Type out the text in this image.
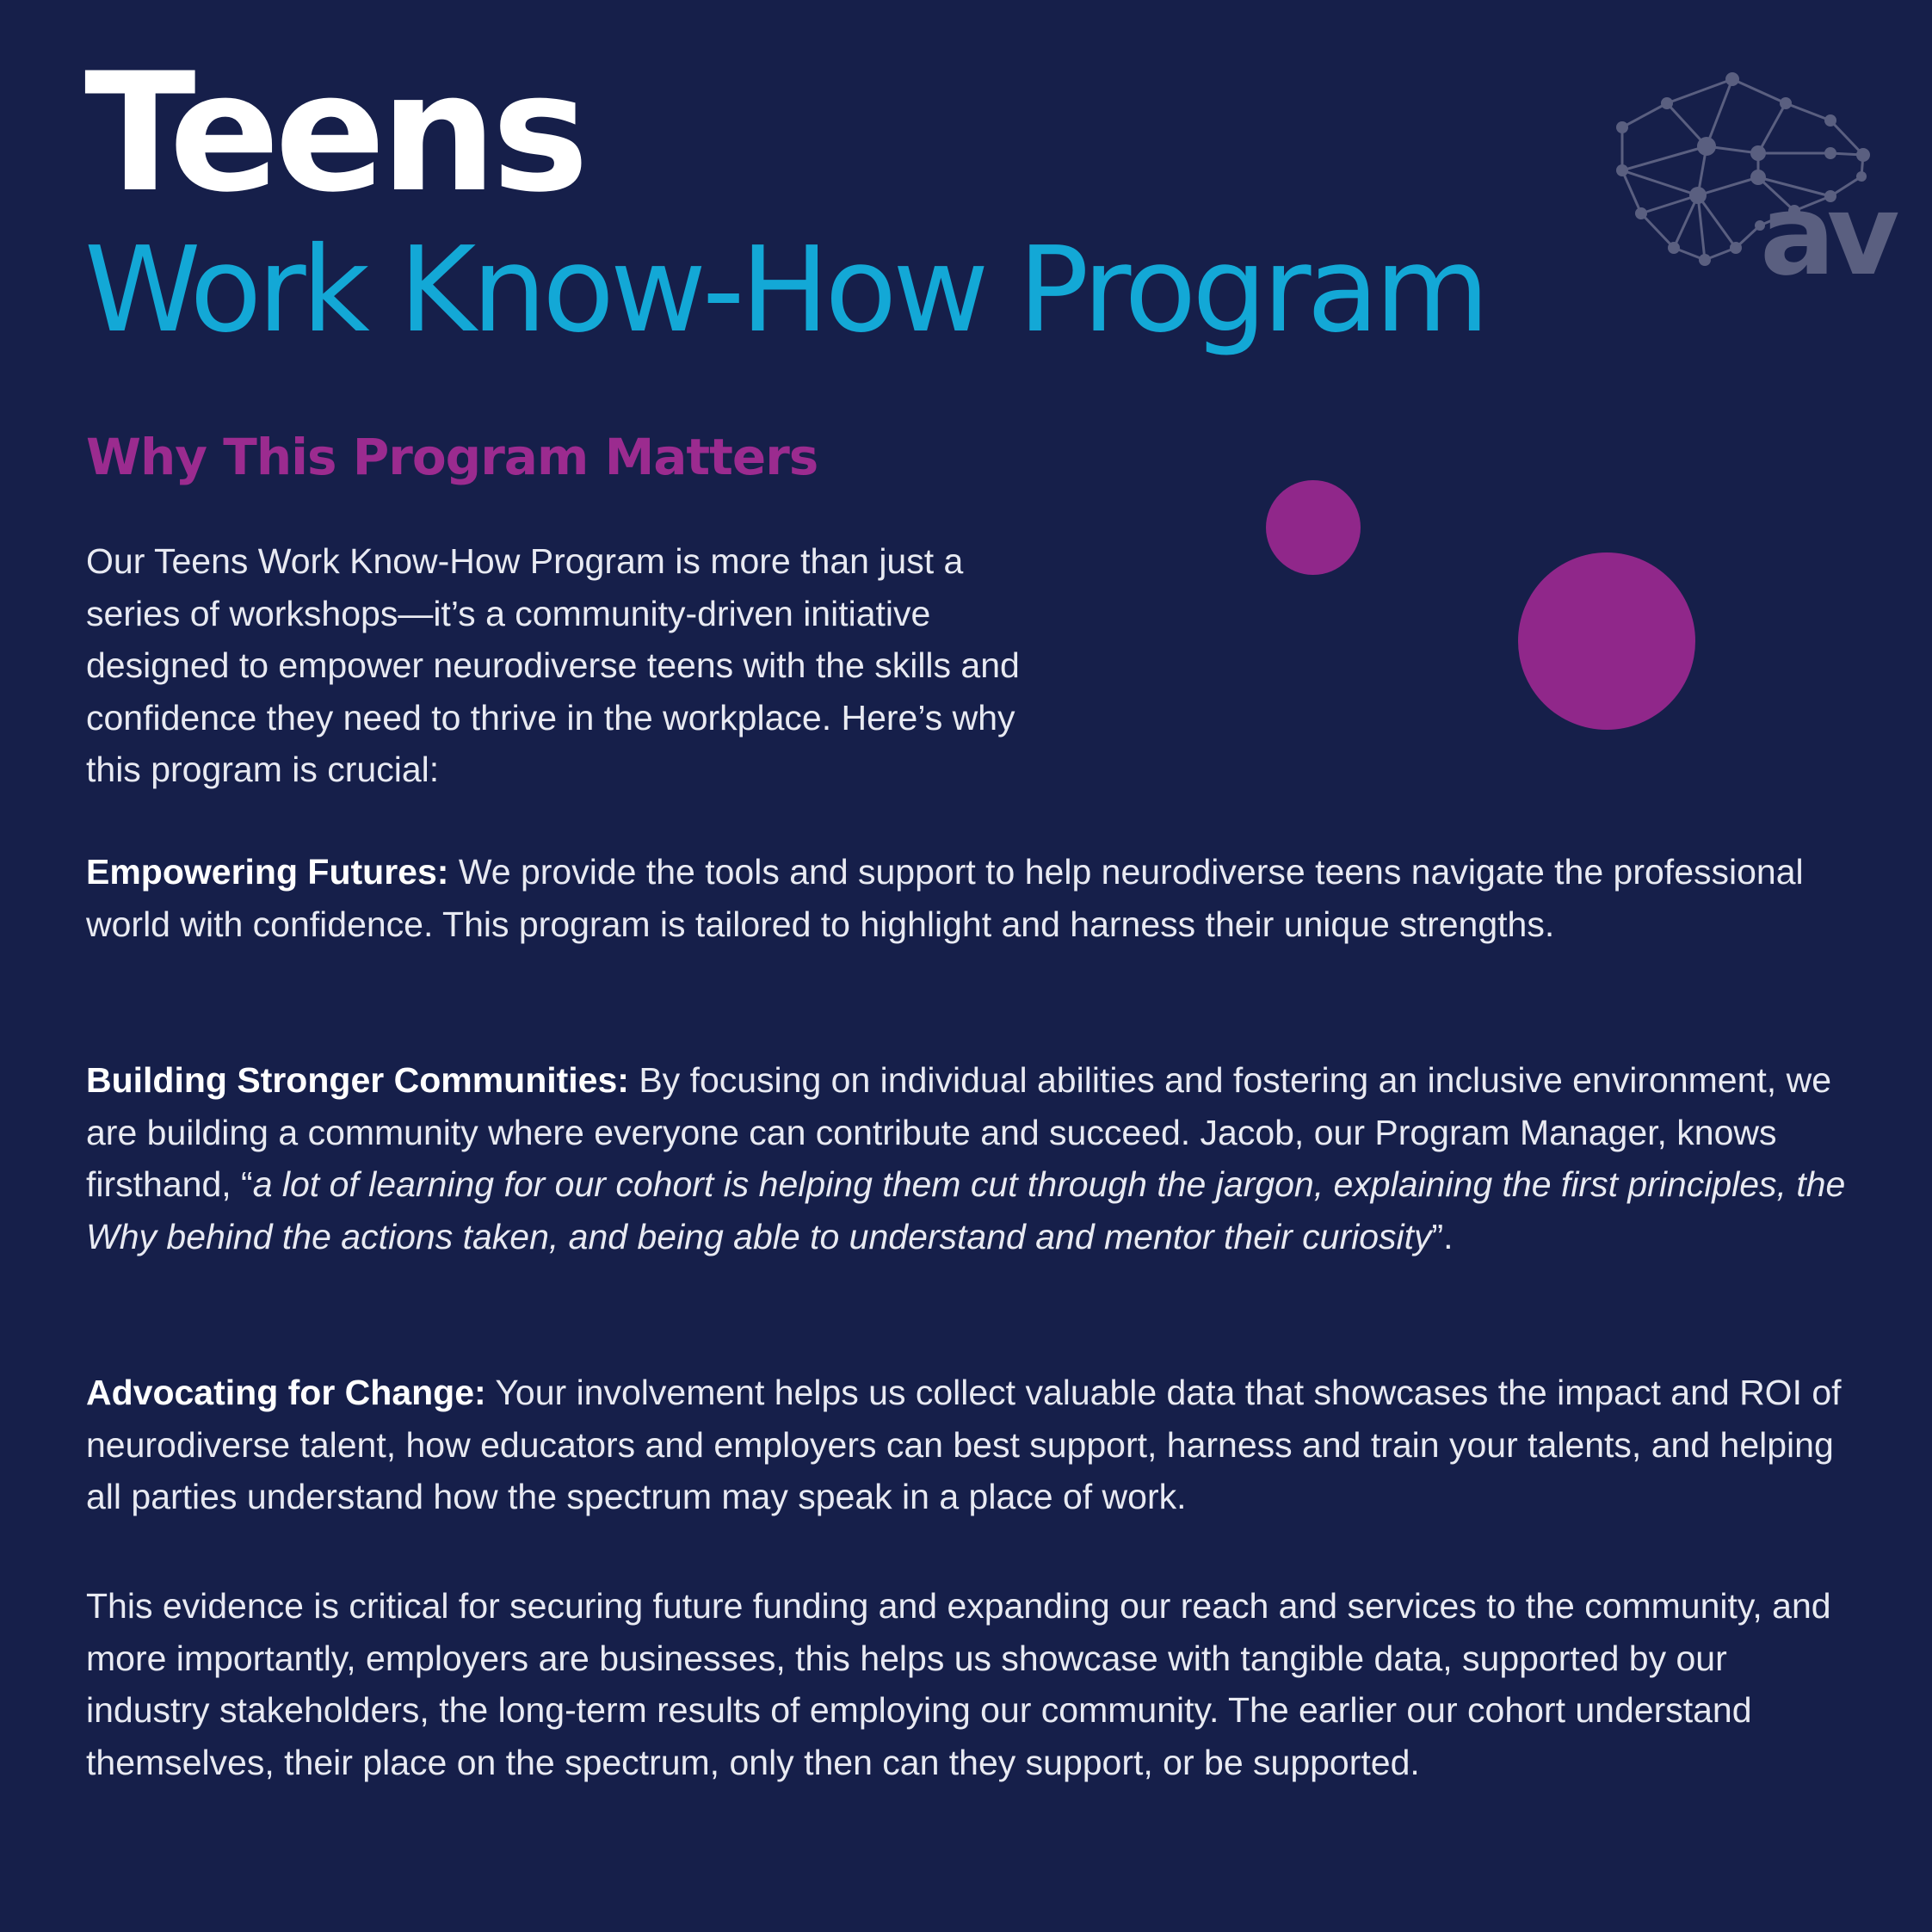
Teens
Work Know-How Program av
Why This Program Matters

Our Teens Work Know-How Program is more than just a series of workshops—it’s a community-driven initiative designed to empower neurodiverse teens with the skills and confidence they need to thrive in the workplace. Here’s why this program is crucial:

Empowering Futures: We provide the tools and support to help neurodiverse teens navigate the professional world with confidence. This program is tailored to highlight and harness their unique strengths.

Building Stronger Communities: By focusing on individual abilities and fostering an inclusive environment, we are building a community where everyone can contribute and succeed. Jacob, our Program Manager, knows firsthand, “a lot of learning for our cohort is helping them cut through the jargon, explaining the first principles, the Why behind the actions taken, and being able to understand and mentor their curiosity”.

Advocating for Change: Your involvement helps us collect valuable data that showcases the impact and ROI of neurodiverse talent, how educators and employers can best support, harness and train your talents, and helping all parties understand how the spectrum may speak in a place of work.

This evidence is critical for securing future funding and expanding our reach and services to the community, and more importantly, employers are businesses, this helps us showcase with tangible data, supported by our industry stakeholders, the long-term results of employing our community. The earlier our cohort understand themselves, their place on the spectrum, only then can they support, or be supported.
